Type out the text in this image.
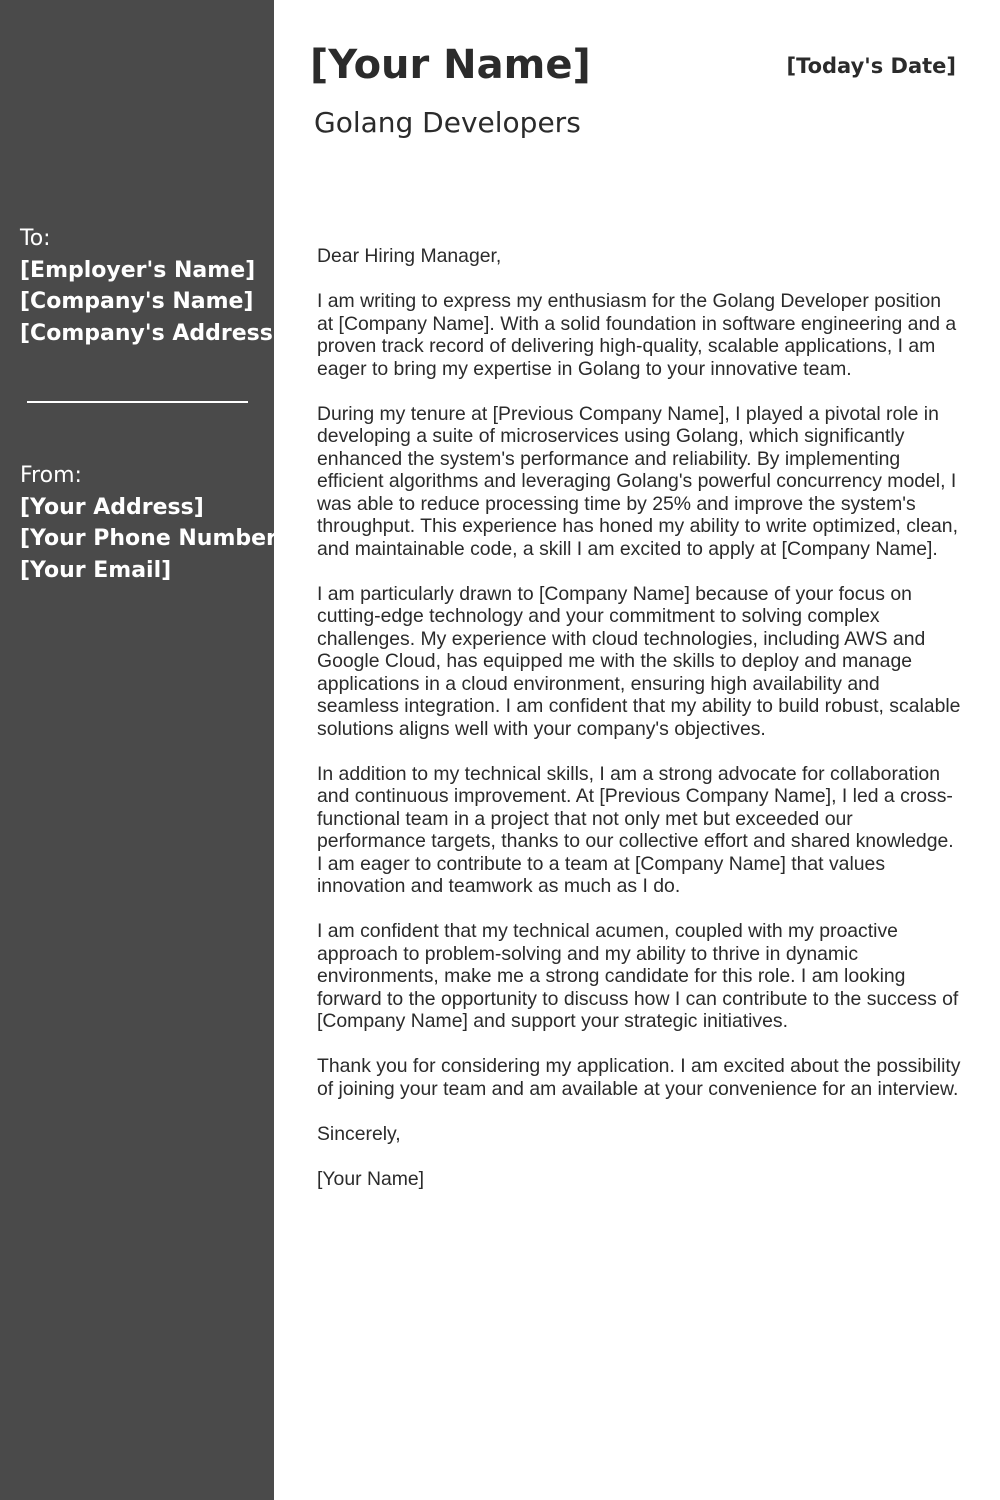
To:
[Employer's Name]
[Company's Name]
[Company's Address]
From:
[Your Address]
[Your Phone Number]
[Your Email]
[Your Name]	[Today's Date]
Golang Developers

Dear Hiring Manager,

I am writing to express my enthusiasm for the Golang Developer position at [Company Name]. With a solid foundation in software engineering and a proven track record of delivering high-quality, scalable applications, I am eager to bring my expertise in Golang to your innovative team.

During my tenure at [Previous Company Name], I played a pivotal role in developing a suite of microservices using Golang, which significantly enhanced the system's performance and reliability. By implementing efficient algorithms and leveraging Golang's powerful concurrency model, I was able to reduce processing time by 25% and improve the system's throughput. This experience has honed my ability to write optimized, clean, and maintainable code, a skill I am excited to apply at [Company Name].

I am particularly drawn to [Company Name] because of your focus on cutting-edge technology and your commitment to solving complex challenges. My experience with cloud technologies, including AWS and Google Cloud, has equipped me with the skills to deploy and manage applications in a cloud environment, ensuring high availability and seamless integration. I am confident that my ability to build robust, scalable solutions aligns well with your company's objectives.

In addition to my technical skills, I am a strong advocate for collaboration and continuous improvement. At [Previous Company Name], I led a cross-functional team in a project that not only met but exceeded our performance targets, thanks to our collective effort and shared knowledge. I am eager to contribute to a team at [Company Name] that values innovation and teamwork as much as I do.

I am confident that my technical acumen, coupled with my proactive approach to problem-solving and my ability to thrive in dynamic environments, make me a strong candidate for this role. I am looking forward to the opportunity to discuss how I can contribute to the success of [Company Name] and support your strategic initiatives.

Thank you for considering my application. I am excited about the possibility of joining your team and am available at your convenience for an interview.

Sincerely,

[Your Name]
